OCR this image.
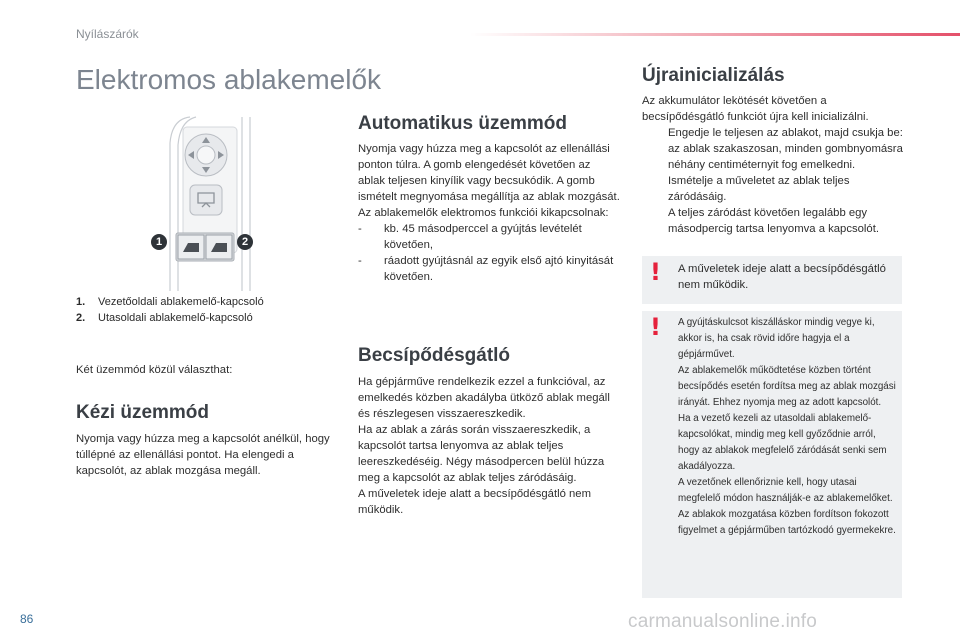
Nyílászárók
Elektromos ablakemelők
1	2
1.	Vezetőoldali ablakemelő-kapcsoló
2.	Utasoldali ablakemelő-kapcsoló
Két üzemmód közül választhat:
Kézi üzemmód

Nyomja vagy húzza meg a kapcsolót anélkül, hogy túllépné az ellenállási pontot. Ha elengedi a kapcsolót, az ablak mozgása megáll.

Automatikus üzemmód

Nyomja vagy húzza meg a kapcsolót az ellenállási ponton túlra. A gomb elengedését követően az ablak teljesen kinyílik vagy becsukódik. A gomb ismételt megnyomása megállítja az ablak mozgását.

Az ablakemelők elektromos funkciói kikapcsolnak:

-	kb. 45 másodperccel a gyújtás levételét követően,
-	ráadott gyújtásnál az egyik első ajtó kinyitását követően.
Becsípődésgátló

Ha gépjárműve rendelkezik ezzel a funkcióval, az emelkedés közben akadályba ütköző ablak megáll és részlegesen visszaereszkedik.

Ha az ablak a zárás során visszaereszkedik, a kapcsolót tartsa lenyomva az ablak teljes leereszkedéséig. Négy másodpercen belül húzza meg a kapcsolót az ablak teljes záródásáig.

A műveletek ideje alatt a becsípődésgátló nem működik.

Újrainicializálás

Az akkumulátor lekötését követően a becsípődésgátló funkciót újra kell inicializálni.

Engedje le teljesen az ablakot, majd csukja be: az ablak szakaszosan, minden gombnyomásra néhány centiméternyit fog emelkedni.
Ismételje a műveletet az ablak teljes záródásáig.
A teljes záródást követően legalább egy másodpercig tartsa lenyomva a kapcsolót.
! A műveletek ideje alatt a becsípődésgátló nem működik.

! A gyújtáskulcsot kiszálláskor mindig vegye ki, akkor is, ha csak rövid időre hagyja el a gépjárművet.

Az ablakemelők működtetése közben történt becsípődés esetén fordítsa meg az ablak mozgási irányát. Ehhez nyomja meg az adott kapcsolót.

Ha a vezető kezeli az utasoldali ablakemelő-kapcsolókat, mindig meg kell győződnie arról, hogy az ablakok megfelelő záródását senki sem akadályozza.

A vezetőnek ellenőriznie kell, hogy utasai megfelelő módon használják-e az ablakemelőket.

Az ablakok mozgatása közben fordítson fokozott figyelmet a gépjárműben tartózkodó gyermekekre.

86	carmanualsonline.info
